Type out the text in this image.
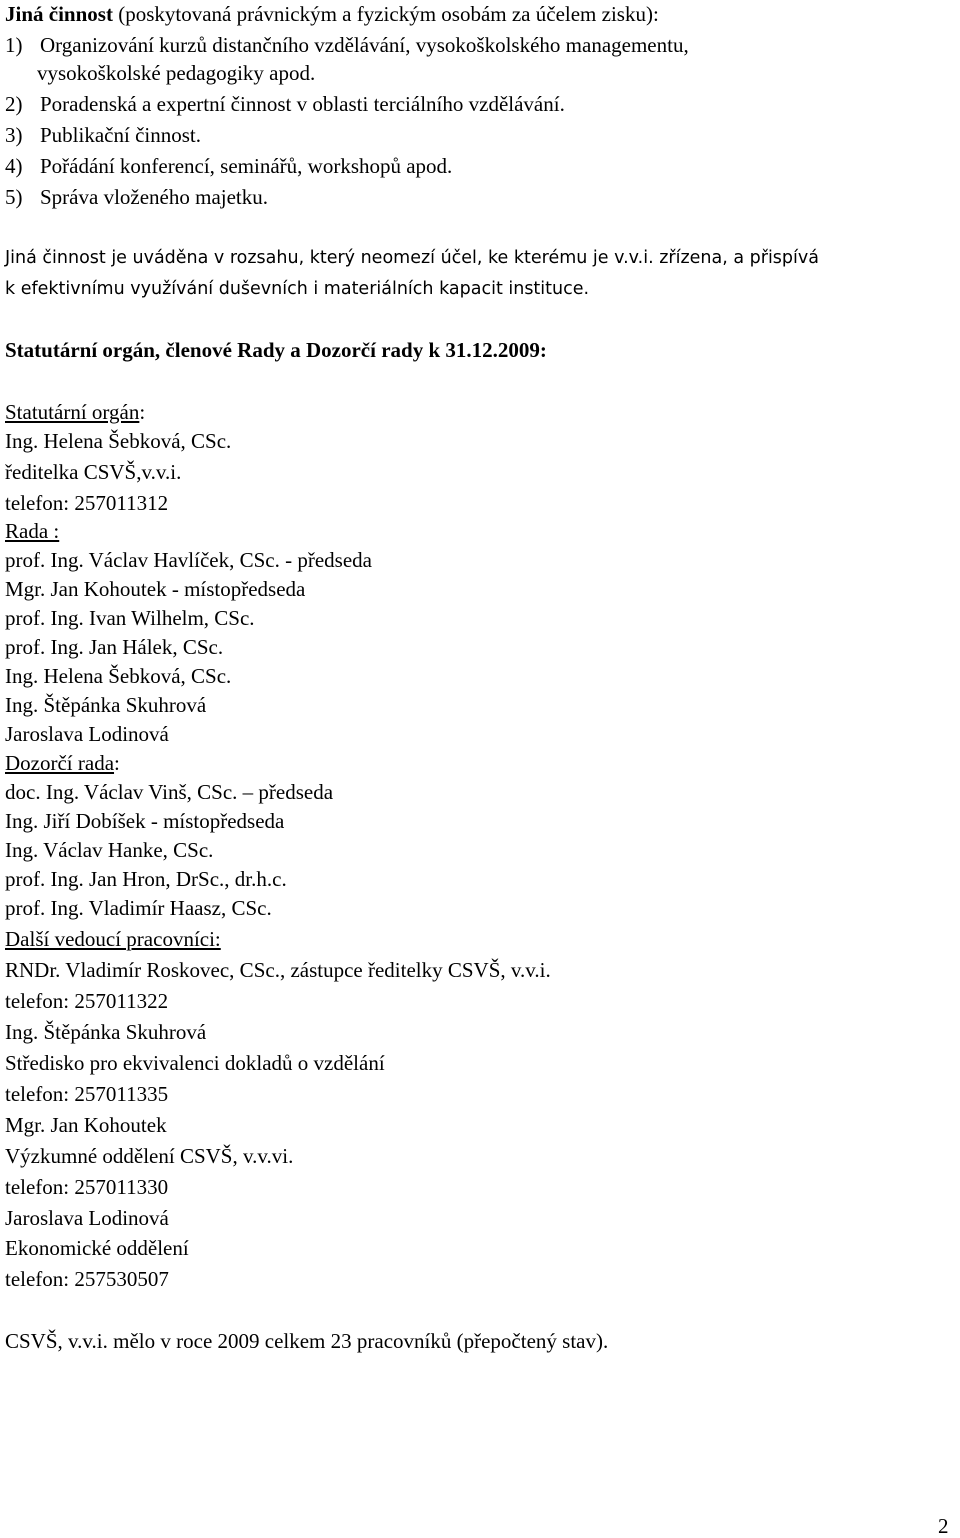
Jiná činnost (poskytovaná právnickým a fyzickým osobám za účelem zisku):
1) Organizování kurzů distančního vzdělávání, vysokoškolského managementu,
vysokoškolské pedagogiky apod.
2) Poradenská a expertní činnost v oblasti terciálního vzdělávání.
3) Publikační činnost.
4) Pořádání konferencí, seminářů, workshopů apod.
5) Správa vloženého majetku.
Jiná činnost je uváděna v rozsahu, který neomezí účel, ke kterému je v.v.i. zřízena, a přispívá
k efektivnímu využívání duševních i materiálních kapacit instituce.
Statutární orgán, členové Rady a Dozorčí rady k 31.12.2009:
Statutární orgán:
Ing. Helena Šebková, CSc.
ředitelka CSVŠ,v.v.i.
telefon: 257011312
Rada :
prof. Ing. Václav Havlíček, CSc. - předseda
Mgr. Jan Kohoutek - místopředseda
prof. Ing. Ivan Wilhelm, CSc.
prof. Ing. Jan Hálek, CSc.
Ing. Helena Šebková, CSc.
Ing. Štěpánka Skuhrová
Jaroslava Lodinová
Dozorčí rada:
doc. Ing. Václav Vinš, CSc. – předseda
Ing. Jiří Dobíšek - místopředseda
Ing. Václav Hanke, CSc.
prof. Ing. Jan Hron, DrSc., dr.h.c.
prof. Ing. Vladimír Haasz, CSc.
Další vedoucí pracovníci:
RNDr. Vladimír Roskovec, CSc., zástupce ředitelky CSVŠ, v.v.i.
telefon: 257011322
Ing. Štěpánka Skuhrová
Středisko pro ekvivalenci dokladů o vzdělání
telefon: 257011335
Mgr. Jan Kohoutek
Výzkumné oddělení CSVŠ, v.v.vi.
telefon: 257011330
Jaroslava Lodinová
Ekonomické oddělení
telefon: 257530507
CSVŠ, v.v.i. mělo v roce 2009 celkem 23 pracovníků (přepočtený stav).
2
